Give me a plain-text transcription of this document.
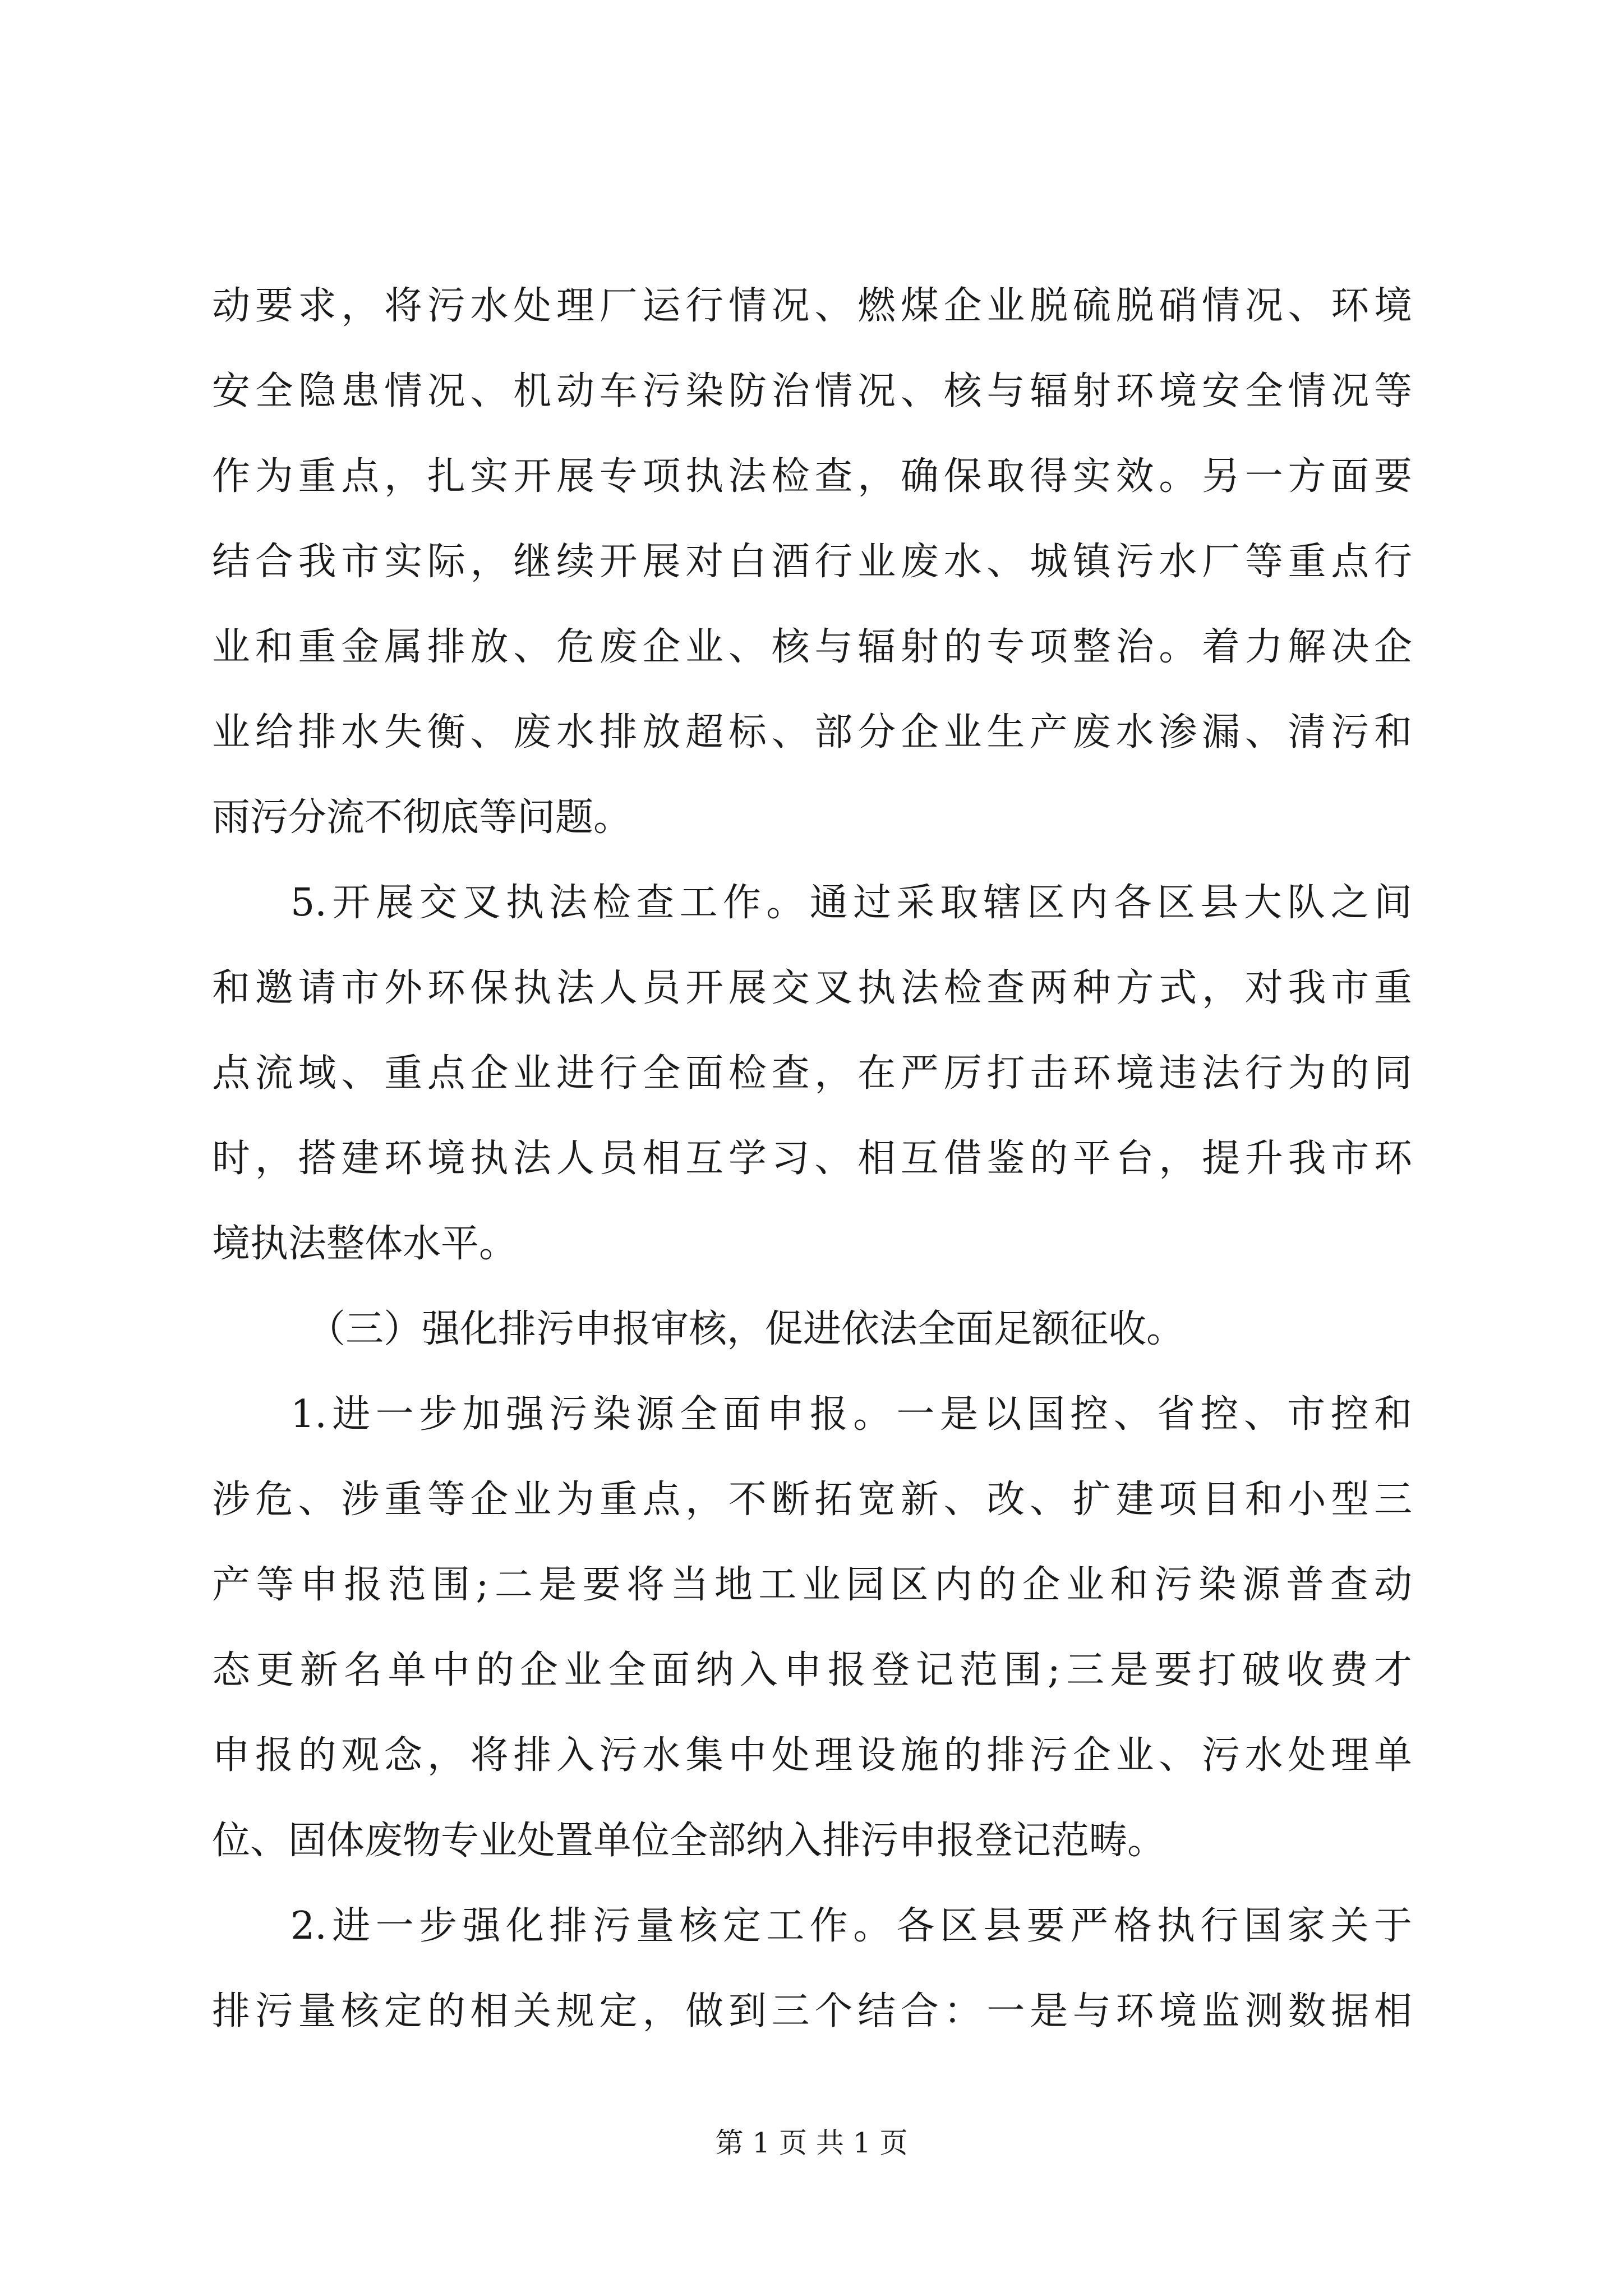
动要求，将污水处理厂运行情况、燃煤企业脱硫脱硝情况、环境
安全隐患情况、机动车污染防治情况、核与辐射环境安全情况等
作为重点，扎实开展专项执法检查，确保取得实效。另一方面要
结合我市实际，继续开展对白酒行业废水、城镇污水厂等重点行
业和重金属排放、危废企业、核与辐射的专项整治。着力解决企
业给排水失衡、废水排放超标、部分企业生产废水渗漏、清污和
雨污分流不彻底等问题。
5.开展交叉执法检查工作。通过采取辖区内各区县大队之间
和邀请市外环保执法人员开展交叉执法检查两种方式，对我市重
点流域、重点企业进行全面检查，在严厉打击环境违法行为的同
时，搭建环境执法人员相互学习、相互借鉴的平台，提升我市环
境执法整体水平。
（三）强化排污申报审核，促进依法全面足额征收。
1.进一步加强污染源全面申报。一是以国控、省控、市控和
涉危、涉重等企业为重点，不断拓宽新、改、扩建项目和小型三
产等申报范围;二是要将当地工业园区内的企业和污染源普查动
态更新名单中的企业全面纳入申报登记范围;三是要打破收费才
申报的观念，将排入污水集中处理设施的排污企业、污水处理单
位、固体废物专业处置单位全部纳入排污申报登记范畴。
2.进一步强化排污量核定工作。各区县要严格执行国家关于
排污量核定的相关规定，做到三个结合：一是与环境监测数据相
第 1 页 共 1 页
